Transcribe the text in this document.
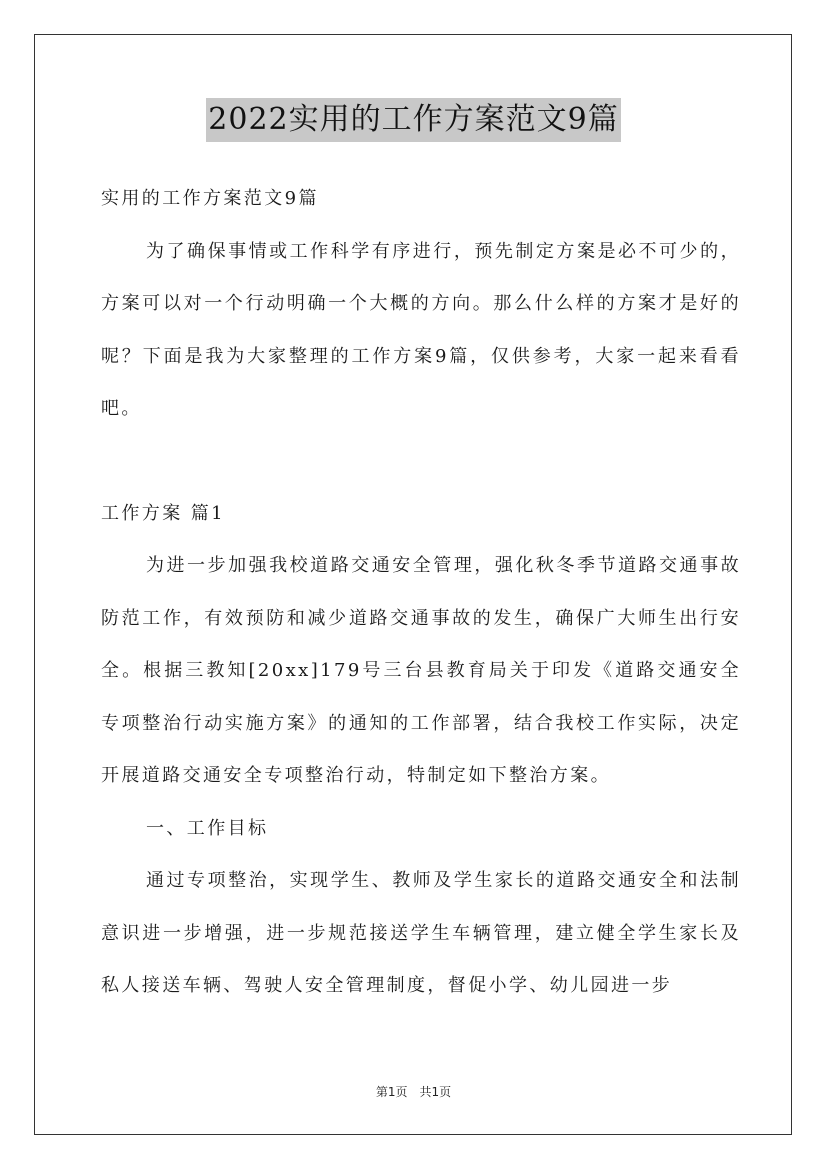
2022实用的工作方案范文9篇

实用的工作方案范文9篇

为了确保事情或工作科学有序进行，预先制定方案是必不可少的，方案可以对一个行动明确一个大概的方向。那么什么样的方案才是好的呢？下面是我为大家整理的工作方案9篇，仅供参考，大家一起来看看吧。

工作方案 篇1

为进一步加强我校道路交通安全管理，强化秋冬季节道路交通事故防范工作，有效预防和减少道路交通事故的发生，确保广大师生出行安全。根据三教知[20xx]179号三台县教育局关于印发《道路交通安全专项整治行动实施方案》的通知的工作部署，结合我校工作实际，决定开展道路交通安全专项整治行动，特制定如下整治方案。

一、工作目标

通过专项整治，实现学生、教师及学生家长的道路交通安全和法制意识进一步增强，进一步规范接送学生车辆管理，建立健全学生家长及私人接送车辆、驾驶人安全管理制度，督促小学、幼儿园进一步

第1页 共1页
